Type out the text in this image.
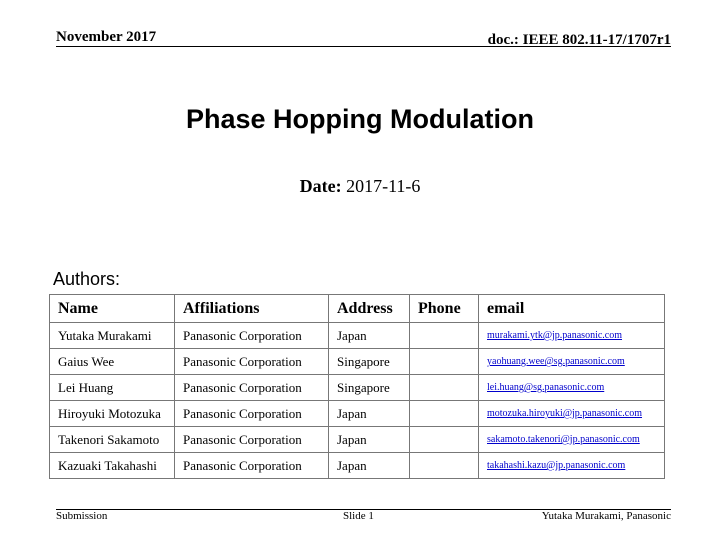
November 2017	doc.: IEEE 802.11-17/1707r1
Phase Hopping Modulation
Date: 2017-11-6
Authors:
Name	Affiliations	Address	Phone	email
Yutaka Murakami	Panasonic Corporation	Japan		murakami.ytk@jp.panasonic.com
Gaius Wee	Panasonic Corporation	Singapore		yaohuang.wee@sg.panasonic.com
Lei Huang	Panasonic Corporation	Singapore		lei.huang@sg.panasonic.com
Hiroyuki Motozuka	Panasonic Corporation	Japan		motozuka.hiroyuki@jp.panasonic.com
Takenori Sakamoto	Panasonic Corporation	Japan		sakamoto.takenori@jp.panasonic.com
Kazuaki Takahashi	Panasonic Corporation	Japan		takahashi.kazu@jp.panasonic.com
Submission	Slide 1	Yutaka Murakami, Panasonic
